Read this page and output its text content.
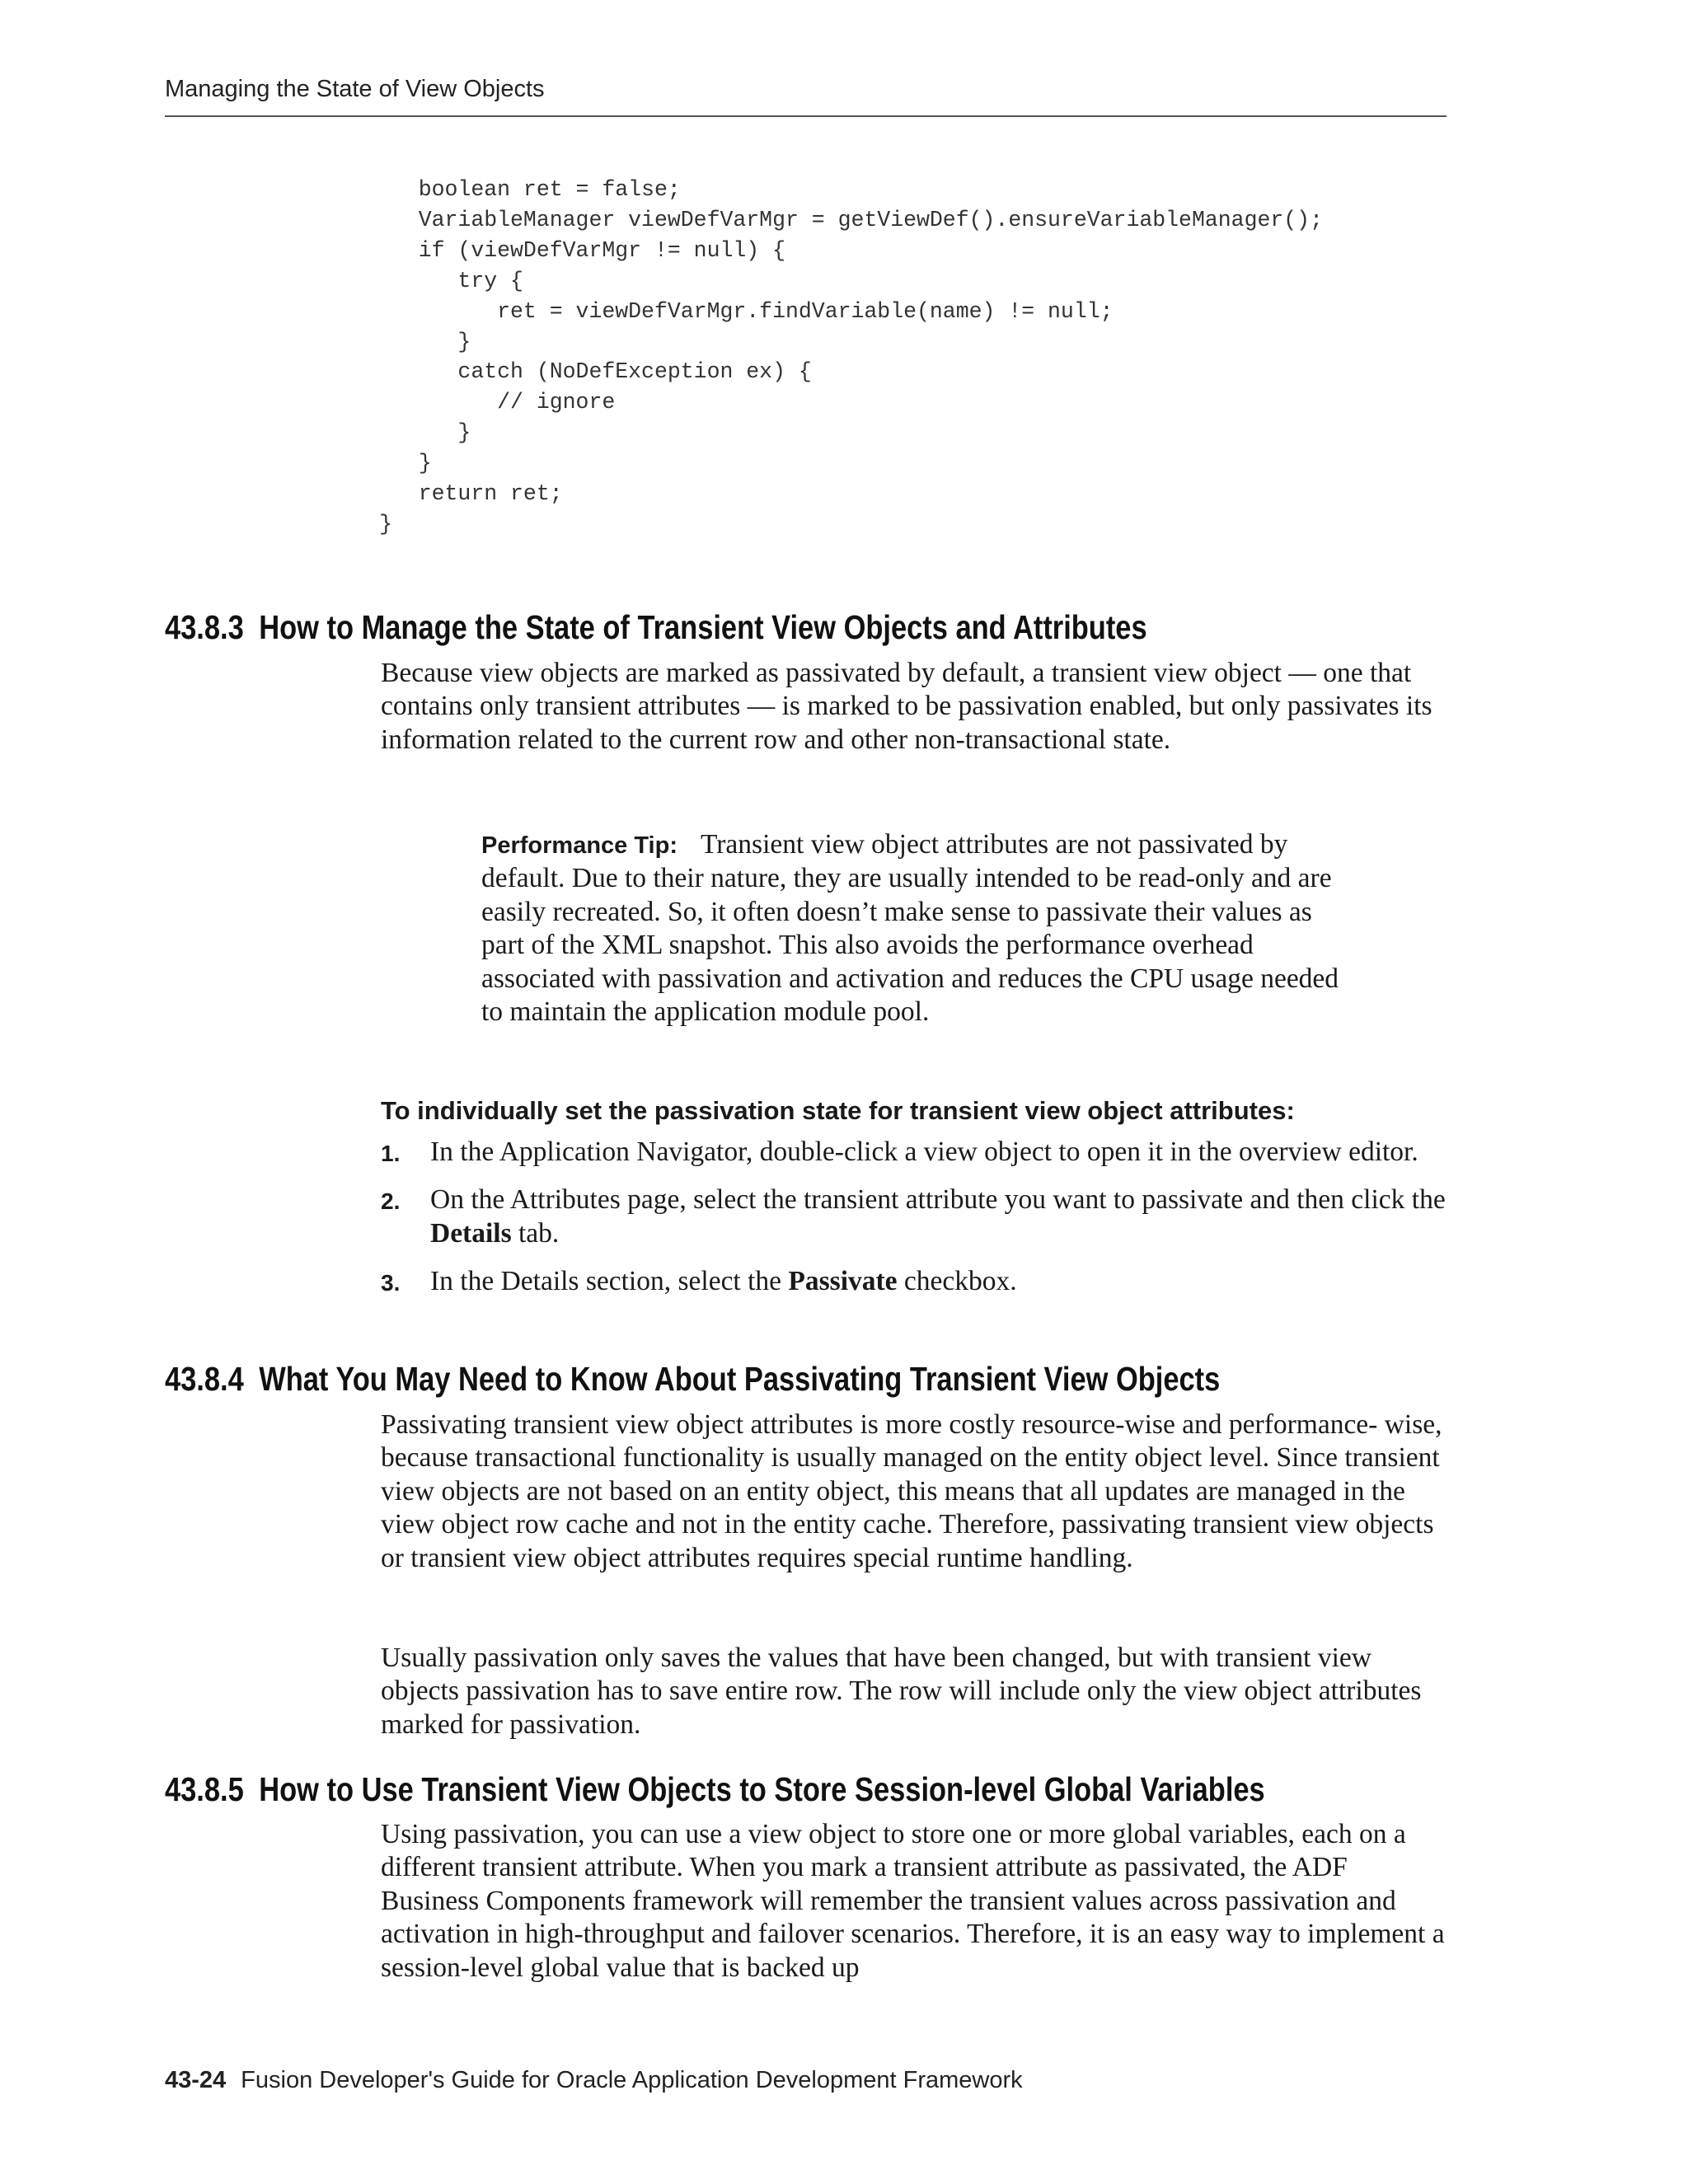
Managing the State of View Objects
boolean ret = false;
VariableManager viewDefVarMgr = getViewDef().ensureVariableManager();
if (viewDefVarMgr != null) {
try {
ret = viewDefVarMgr.findVariable(name) != null;
}
catch (NoDefException ex) {
// ignore
}
}
return ret;
}
43.8.3 How to Manage the State of Transient View Objects and Attributes

Because view objects are marked as passivated by default, a transient view object — one that contains only transient attributes — is marked to be passivation enabled, but only passivates its information related to the current row and other non-transactional state.

Performance Tip: Transient view object attributes are not passivated by default. Due to their nature, they are usually intended to be read-only and are easily recreated. So, it often doesn’t make sense to passivate their values as part of the XML snapshot. This also avoids the performance overhead associated with passivation and activation and reduces the CPU usage needed to maintain the application module pool.

To individually set the passivation state for transient view object attributes:

1. In the Application Navigator, double-click a view object to open it in the overview editor.
2. On the Attributes page, select the transient attribute you want to passivate and then click the Details tab.
3. In the Details section, select the Passivate checkbox.
43.8.4 What You May Need to Know About Passivating Transient View Objects

Passivating transient view object attributes is more costly resource-wise and performance- wise, because transactional functionality is usually managed on the entity object level. Since transient view objects are not based on an entity object, this means that all updates are managed in the view object row cache and not in the entity cache. Therefore, passivating transient view objects or transient view object attributes requires special runtime handling.

Usually passivation only saves the values that have been changed, but with transient view objects passivation has to save entire row. The row will include only the view object attributes marked for passivation.

43.8.5 How to Use Transient View Objects to Store Session-level Global Variables

Using passivation, you can use a view object to store one or more global variables, each on a different transient attribute. When you mark a transient attribute as passivated, the ADF Business Components framework will remember the transient values across passivation and activation in high-throughput and failover scenarios. Therefore, it is an easy way to implement a session-level global value that is backed up

43-24 Fusion Developer's Guide for Oracle Application Development Framework
